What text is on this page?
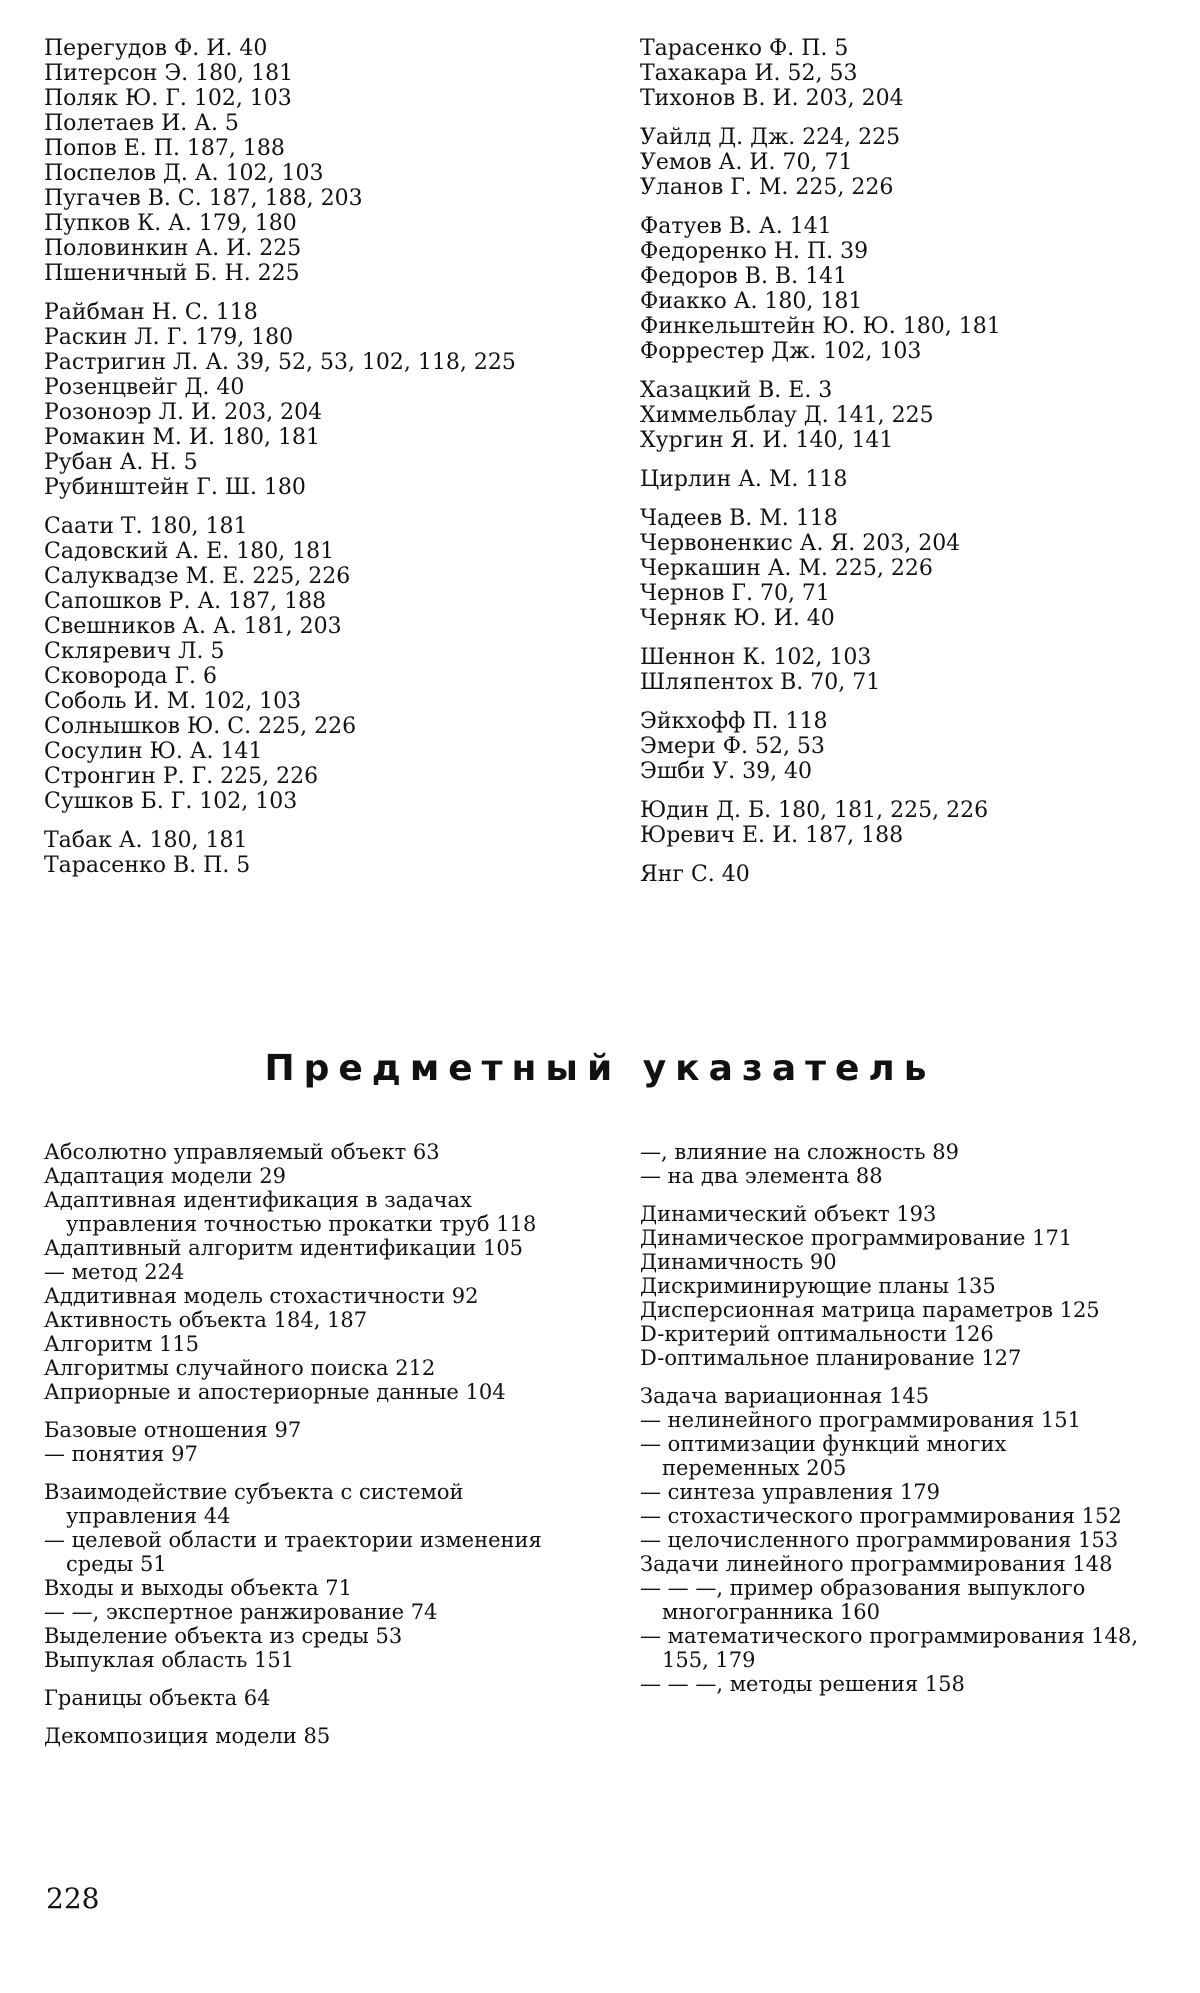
Перегудов Ф. И. 40
Питерсон Э. 180, 181
Поляк Ю. Г. 102, 103
Полетаев И. А. 5
Попов Е. П. 187, 188
Поспелов Д. А. 102, 103
Пугачев В. С. 187, 188, 203
Пупков К. А. 179, 180
Половинкин А. И. 225
Пшеничный Б. Н. 225
Райбман Н. С. 118
Раскин Л. Г. 179, 180
Растригин Л. А. 39, 52, 53, 102, 118, 225
Розенцвейг Д. 40
Розоноэр Л. И. 203, 204
Ромакин М. И. 180, 181
Рубан А. Н. 5
Рубинштейн Г. Ш. 180
Саати Т. 180, 181
Садовский А. Е. 180, 181
Салуквадзе М. Е. 225, 226
Сапошков Р. А. 187, 188
Свешников А. А. 181, 203
Скляревич Л. 5
Сковорода Г. 6
Соболь И. М. 102, 103
Солнышков Ю. С. 225, 226
Сосулин Ю. А. 141
Стронгин Р. Г. 225, 226
Сушков Б. Г. 102, 103
Табак А. 180, 181
Тарасенко В. П. 5
Тарасенко Ф. П. 5
Тахакара И. 52, 53
Тихонов В. И. 203, 204
Уайлд Д. Дж. 224, 225
Уемов А. И. 70, 71
Уланов Г. М. 225, 226
Фатуев В. А. 141
Федоренко Н. П. 39
Федоров В. В. 141
Фиакко А. 180, 181
Финкельштейн Ю. Ю. 180, 181
Форрестер Дж. 102, 103
Хазацкий В. Е. 3
Химмельблау Д. 141, 225
Хургин Я. И. 140, 141
Цирлин А. М. 118
Чадеев В. М. 118
Червоненкис А. Я. 203, 204
Черкашин А. М. 225, 226
Чернов Г. 70, 71
Черняк Ю. И. 40
Шеннон К. 102, 103
Шляпентох В. 70, 71
Эйкхофф П. 118
Эмери Ф. 52, 53
Эшби У. 39, 40
Юдин Д. Б. 180, 181, 225, 226
Юревич Е. И. 187, 188
Янг С. 40
Предметный указатель
Абсолютно управляемый объект 63
Адаптация модели 29
Адаптивная идентификация в задачах управления точностью прокатки труб 118
Адаптивный алгоритм идентификации 105
— метод 224
Аддитивная модель стохастичности 92
Активность объекта 184, 187
Алгоритм 115
Алгоритмы случайного поиска 212
Априорные и апостериорные данные 104
Базовые отношения 97
— понятия 97
Взаимодействие субъекта с системой управления 44
— целевой области и траектории изменения среды 51
Входы и выходы объекта 71
— —, экспертное ранжирование 74
Выделение объекта из среды 53
Выпуклая область 151
Границы объекта 64
Декомпозиция модели 85
—, влияние на сложность 89
— на два элемента 88
Динамический объект 193
Динамическое программирование 171
Динамичность 90
Дискриминирующие планы 135
Дисперсионная матрица параметров 125
D-критерий оптимальности 126
D-оптимальное планирование 127
Задача вариационная 145
— нелинейного программирования 151
— оптимизации функций многих переменных 205
— синтеза управления 179
— стохастического программирования 152
— целочисленного программирования 153
Задачи линейного программирования 148
— — —, пример образования выпуклого многогранника 160
— математического программирования 148, 155, 179
— — —, методы решения 158
228
